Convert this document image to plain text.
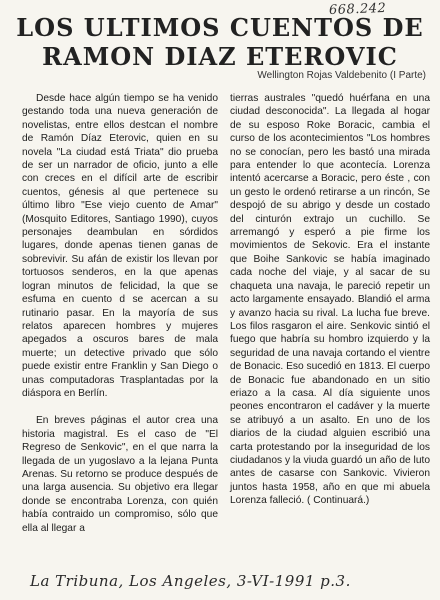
668.242
LOS ULTIMOS CUENTOS DE
RAMON DIAZ ETEROVIC
Wellington Rojas Valdebenito (I Parte)

Desde hace algún tiempo se ha venido gestando toda una nueva generación de novelistas, entre ellos destcan el nombre de Ramón Díaz Eterovic, quien en su novela "La ciudad está Triata" dio prueba de ser un narrador de oficio, junto a elle con creces en el difícil arte de escribir cuentos, génesis al que pertenece su último libro "Ese viejo cuento de Amar" (Mosquito Editores, Santiago 1990), cuyos personajes deambulan en sórdidos lugares, donde apenas tienen ganas de sobrevivir. Su afán de existir los llevan por tortuosos senderos, en la que apenas logran minutos de felicidad, la que se esfuma en cuento d se acercan a su rutinario pasar. En la mayoría de sus relatos aparecen hombres y mujeres apegados a oscuros bares de mala muerte; un detective privado que sólo puede existir entre Franklin y San Diego o unas computadoras Trasplantadas por la diáspora en Berlín.

En breves páginas el autor crea una historia magistral. Es el caso de "El Regreso de Senkovic", en el que narra la llegada de un yugoslavo a la lejana Punta Arenas. Su retorno se produce después de una larga ausencia. Su objetivo era llegar donde se encontraba Lorenza, con quién había contraido un compromiso, sólo que ella al llegar a

tierras australes "quedó huérfana en una ciudad desconocida". La llegada al hogar de su esposo Roke Boracic, cambia el curso de los acontecimientos "Los hombres no se conocían, pero les bastó una mirada para entender lo que acontecía. Lorenza intentó acercarse a Boracic, pero éste , con un gesto le ordenó retirarse a un rincón, Se despojó de su abrigo y desde un costado del cinturón extrajo un cuchillo. Se arremangó y esperó a pie firme los movimientos de Sekovic. Era el instante que Boihe Sankovic se había imaginado cada noche del viaje, y al sacar de su chaqueta una navaja, le pareció repetir un acto largamente ensayado. Blandió el arma y avanzo hacia su rival. La lucha fue breve. Los filos rasgaron el aire. Senkovic sintió el fuego que habría su hombro izquierdo y la seguridad de una navaja cortando el vientre de Bonacic. Eso sucedió en 1813. El cuerpo de Bonacic fue abandonado en un sitio eriazo a la casa. Al día siguiente unos peones encontraron el cadáver y la muerte se atribuyó a un asalto. En uno de los diarios de la ciudad alguien escribió una carta protestando por la inseguridad de los ciudadanos y la viuda guardó un año de luto antes de casarse con Sankovic. Vivieron juntos hasta 1958, año en que mi abuela Lorenza falleció. ( Continuará.)

La Tribuna, Los Angeles, 3-VI-1991 p.3.
